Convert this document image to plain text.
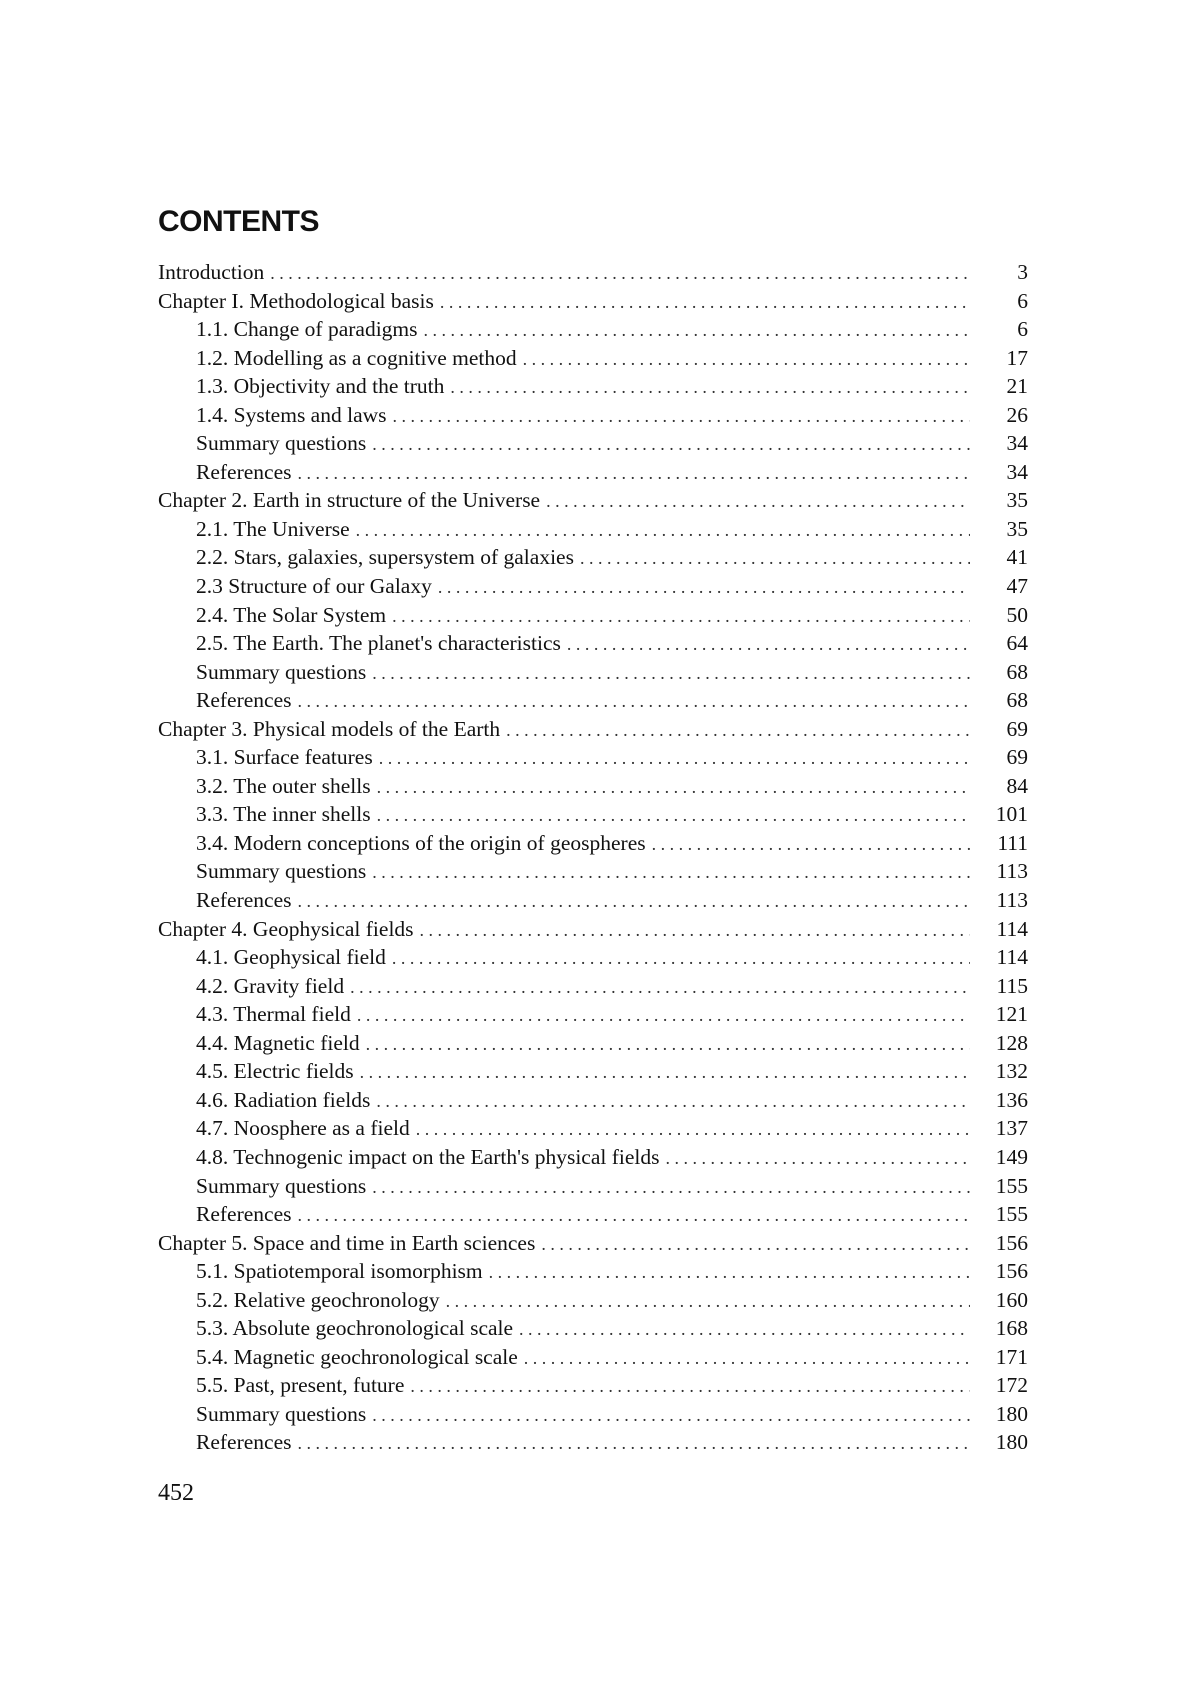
CONTENTS
Introduction . . .	3
Chapter I. Methodological basis . . .	6
1.1. Change of paradigms . . .	6
1.2. Modelling as a cognitive method . . .	17
1.3. Objectivity and the truth . . .	21
1.4. Systems and laws . . .	26
Summary questions . . .	34
References . . .	34
Chapter 2. Earth in structure of the Universe . . .	35
2.1. The Universe . . .	35
2.2. Stars, galaxies, supersystem of galaxies . . .	41
2.3 Structure of our Galaxy . . .	47
2.4. The Solar System . . .	50
2.5. The Earth. The planet's characteristics . . .	64
Summary questions . . .	68
References . . .	68
Chapter 3. Physical models of the Earth . . .	69
3.1. Surface features . . .	69
3.2. The outer shells . . .	84
3.3. The inner shells . . .	101
3.4. Modern conceptions of the origin of geospheres . . .	111
Summary questions . . .	113
References . . .	113
Chapter 4. Geophysical fields . . .	114
4.1. Geophysical field . . .	114
4.2. Gravity field . . .	115
4.3. Thermal field . . .	121
4.4. Magnetic field . . .	128
4.5. Electric fields . . .	132
4.6. Radiation fields . . .	136
4.7. Noosphere as a field . . .	137
4.8. Technogenic impact on the Earth's physical fields . . .	149
Summary questions . . .	155
References . . .	155
Chapter 5. Space and time in Earth sciences . . .	156
5.1. Spatiotemporal isomorphism . . .	156
5.2. Relative geochronology . . .	160
5.3. Absolute geochronological scale . . .	168
5.4. Magnetic geochronological scale . . .	171
5.5. Past, present, future . . .	172
Summary questions . . .	180
References . . .	180
452
